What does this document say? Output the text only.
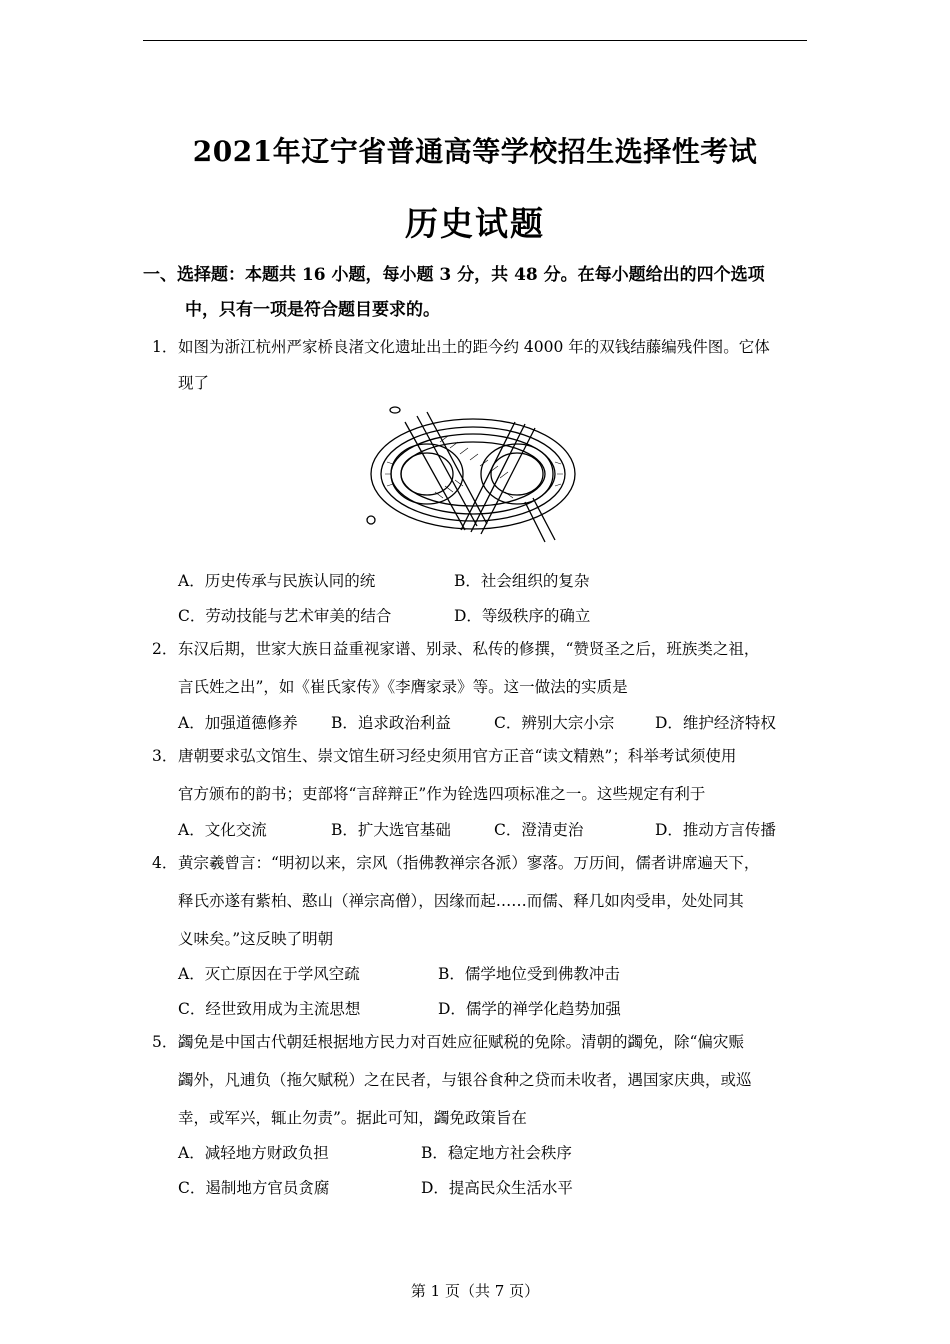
2021年辽宁省普通高等学校招生选择性考试
历史试题
一、选择题：本题共 16 小题，每小题 3 分，共 48 分。在每小题给出的四个选项
中，只有一项是符合题目要求的。
1． 如图为浙江杭州严家桥良渚文化遗址出土的距今约 4000 年的双钱结藤编残件图。它体
现了
A．历史传承与民族认同的统	B．社会组织的复杂
C．劳动技能与艺术审美的结合	D．等级秩序的确立
2． 东汉后期，世家大族日益重视家谱、别录、私传的修撰，“赞贤圣之后，班族类之祖，
言氏姓之出”，如《崔氏家传》《李膺家录》等。这一做法的实质是
A．加强道德修养 B．追求政治利益	C．辨别大宗小宗	D．维护经济特权
3． 唐朝要求弘文馆生、崇文馆生研习经史须用官方正音“读文精熟”；科举考试须使用
官方颁布的韵书；吏部将“言辞辩正”作为铨选四项标准之一。这些规定有利于
A．文化交流	B．扩大选官基础	C．澄清吏治	D．推动方言传播
4． 黄宗羲曾言：“明初以来，宗风（指佛教禅宗各派）寥落。万历间，儒者讲席遍天下，
释氏亦遂有紫柏、憨山（禅宗高僧），因缘而起……而儒、释几如肉受串，处处同其
义味矣。”这反映了明朝
A．灭亡原因在于学风空疏	B．儒学地位受到佛教冲击
C．经世致用成为主流思想	D．儒学的禅学化趋势加强
5． 蠲免是中国古代朝廷根据地方民力对百姓应征赋税的免除。清朝的蠲免，除“偏灾赈
蠲外，凡逋负（拖欠赋税）之在民者，与银谷食种之贷而未收者，遇国家庆典，或巡
幸，或军兴，辄止勿责”。据此可知，蠲免政策旨在
A．减轻地方财政负担	B．稳定地方社会秩序
C．遏制地方官员贪腐	D．提高民众生活水平
第 1 页（共 7 页）
